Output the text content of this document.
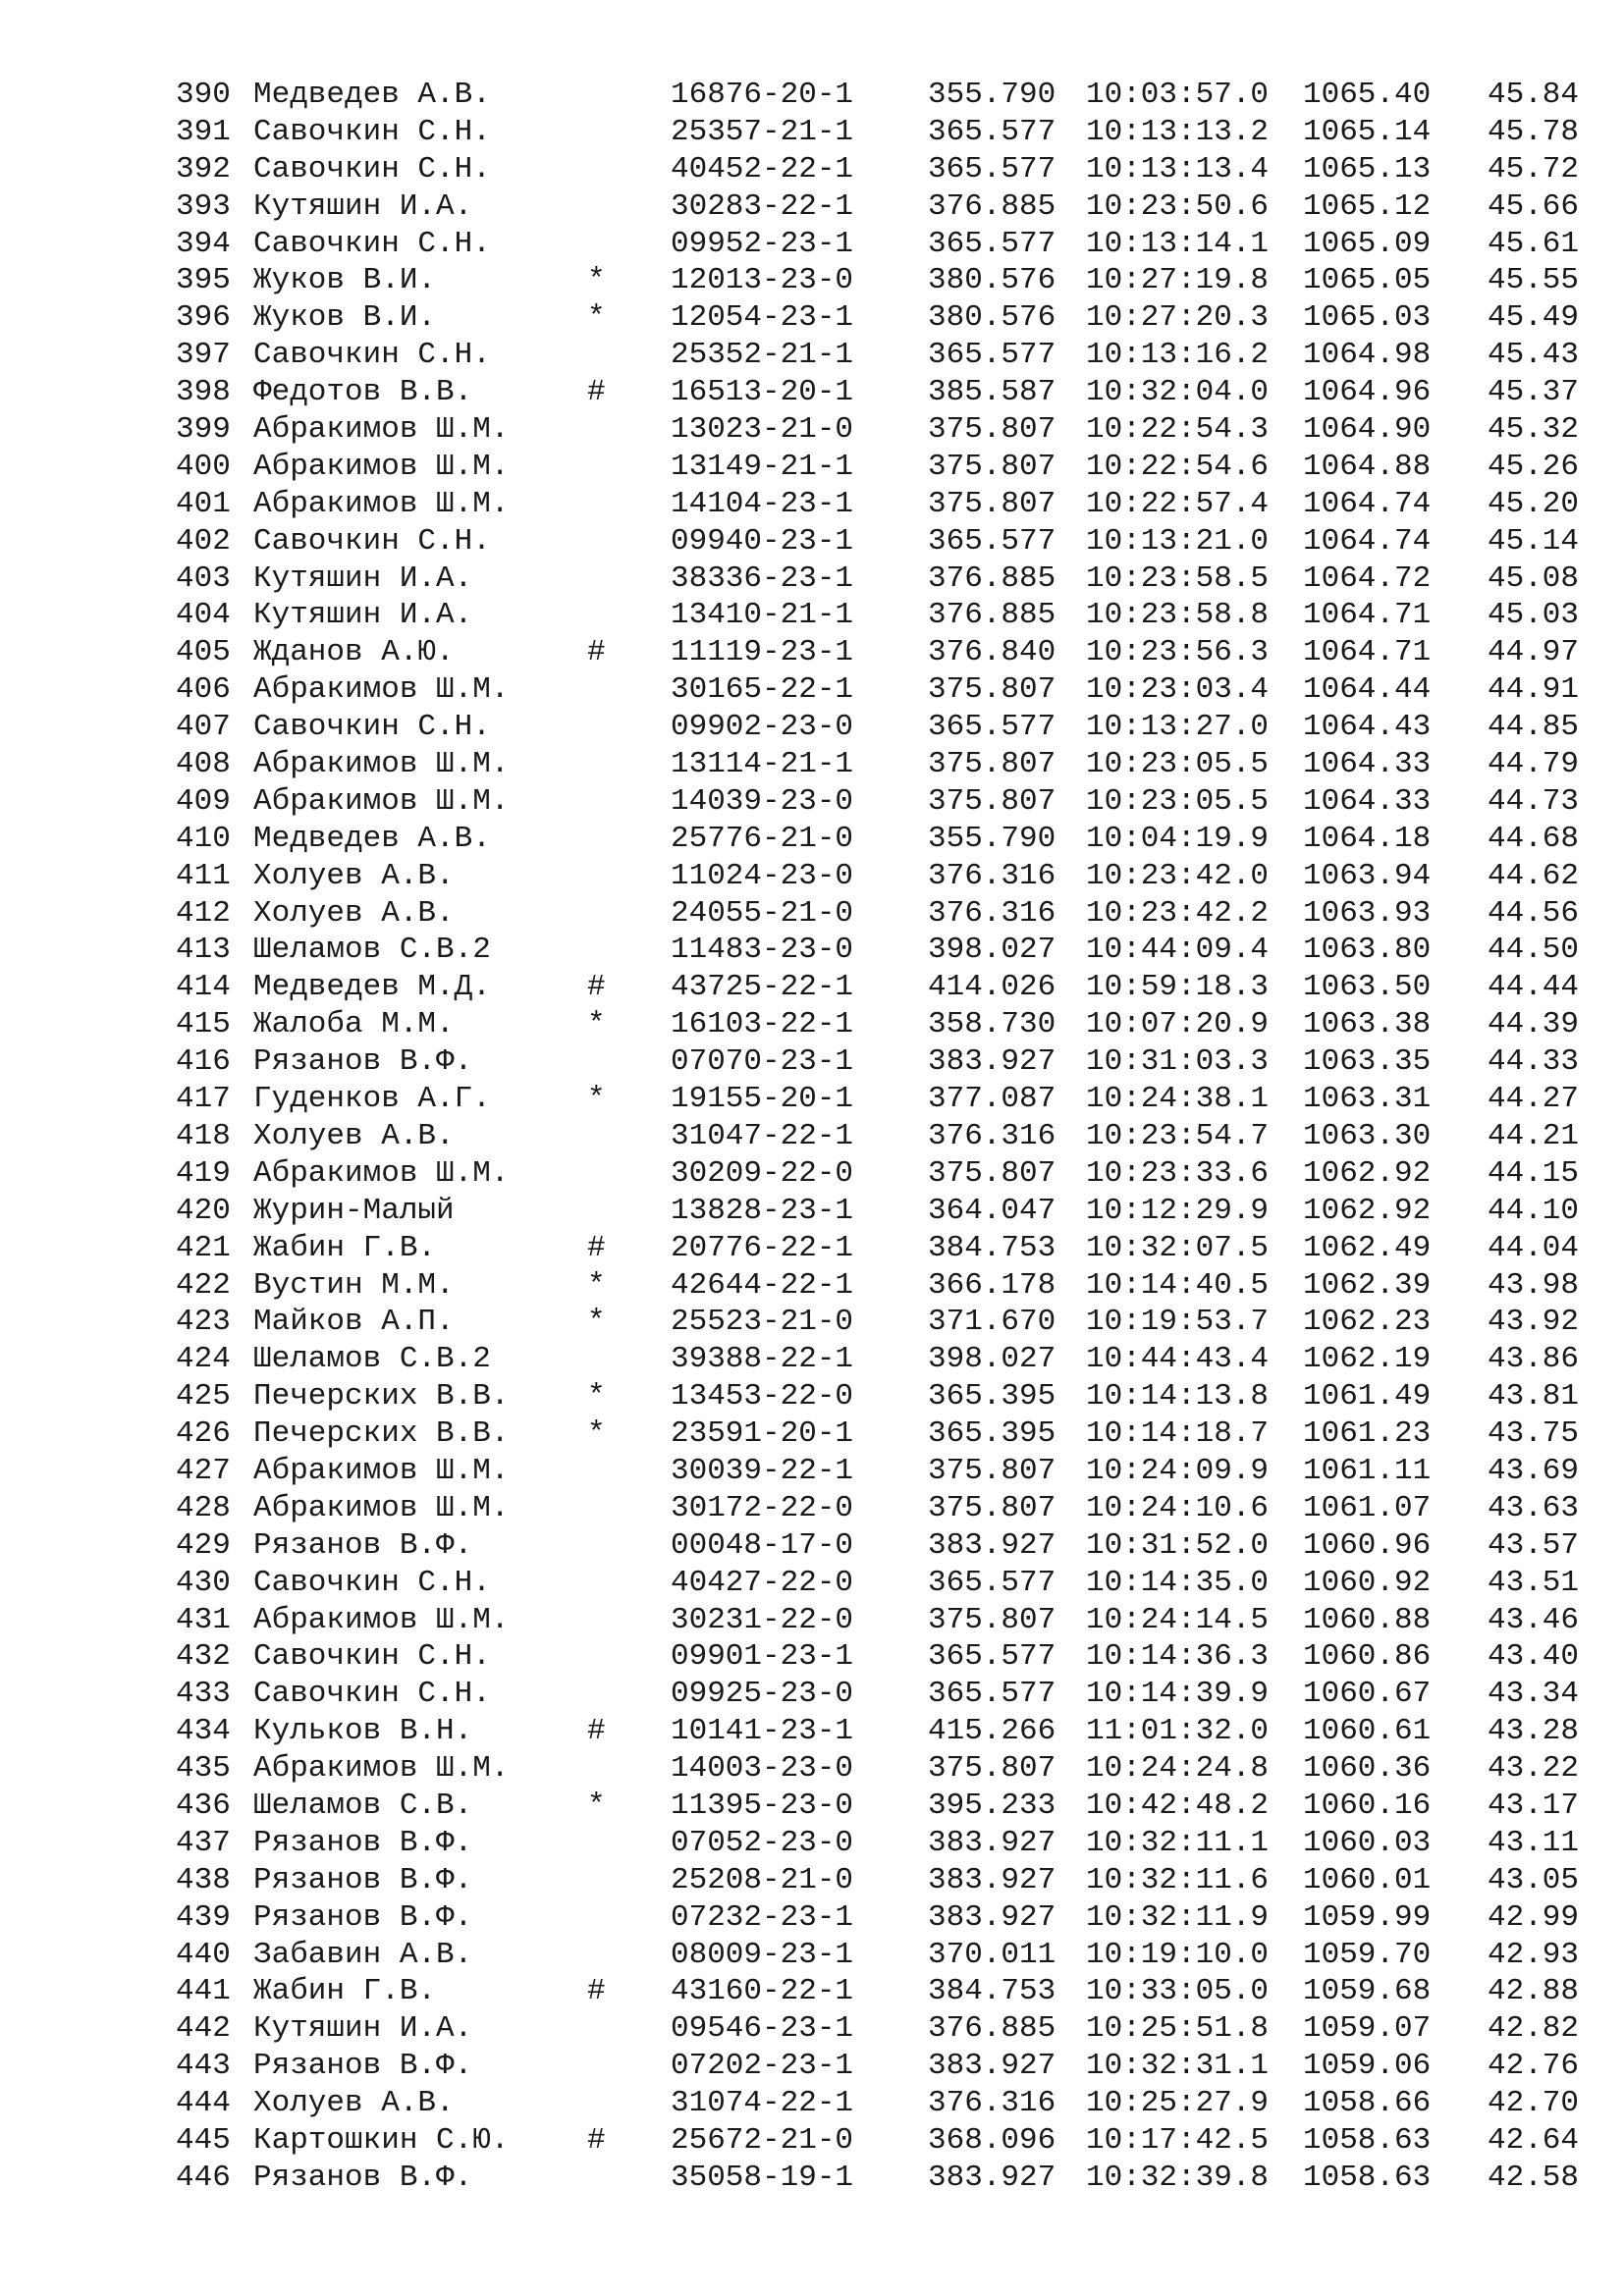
390 Медведев А.В.	16876-20-1 355.790 10:03:57.0 1065.40 45.84
391 Савочкин С.Н.	25357-21-1 365.577 10:13:13.2 1065.14 45.78
392 Савочкин С.Н.	40452-22-1 365.577 10:13:13.4 1065.13 45.72
393 Кутяшин И.А.	30283-22-1 376.885 10:23:50.6 1065.12 45.66
394 Савочкин С.Н.	09952-23-1 365.577 10:13:14.1 1065.09 45.61
395 Жуков В.И.	* 12013-23-0 380.576 10:27:19.8 1065.05 45.55
396 Жуков В.И.	* 12054-23-1 380.576 10:27:20.3 1065.03 45.49
397 Савочкин С.Н.	25352-21-1 365.577 10:13:16.2 1064.98 45.43
398 Федотов В.В.	# 16513-20-1 385.587 10:32:04.0 1064.96 45.37
399 Абракимов Ш.М.	13023-21-0 375.807 10:22:54.3 1064.90 45.32
400 Абракимов Ш.М.	13149-21-1 375.807 10:22:54.6 1064.88 45.26
401 Абракимов Ш.М.	14104-23-1 375.807 10:22:57.4 1064.74 45.20
402 Савочкин С.Н.	09940-23-1 365.577 10:13:21.0 1064.74 45.14
403 Кутяшин И.А.	38336-23-1 376.885 10:23:58.5 1064.72 45.08
404 Кутяшин И.А.	13410-21-1 376.885 10:23:58.8 1064.71 45.03
405 Жданов А.Ю.	# 11119-23-1 376.840 10:23:56.3 1064.71 44.97
406 Абракимов Ш.М.	30165-22-1 375.807 10:23:03.4 1064.44 44.91
407 Савочкин С.Н.	09902-23-0 365.577 10:13:27.0 1064.43 44.85
408 Абракимов Ш.М.	13114-21-1 375.807 10:23:05.5 1064.33 44.79
409 Абракимов Ш.М.	14039-23-0 375.807 10:23:05.5 1064.33 44.73
410 Медведев А.В.	25776-21-0 355.790 10:04:19.9 1064.18 44.68
411 Холуев А.В.	11024-23-0 376.316 10:23:42.0 1063.94 44.62
412 Холуев А.В.	24055-21-0 376.316 10:23:42.2 1063.93 44.56
413 Шеламов С.В.2	11483-23-0 398.027 10:44:09.4 1063.80 44.50
414 Медведев М.Д.	# 43725-22-1 414.026 10:59:18.3 1063.50 44.44
415 Жалоба М.М.	* 16103-22-1 358.730 10:07:20.9 1063.38 44.39
416 Рязанов В.Ф.	07070-23-1 383.927 10:31:03.3 1063.35 44.33
417 Гуденков А.Г.	* 19155-20-1 377.087 10:24:38.1 1063.31 44.27
418 Холуев А.В.	31047-22-1 376.316 10:23:54.7 1063.30 44.21
419 Абракимов Ш.М.	30209-22-0 375.807 10:23:33.6 1062.92 44.15
420 Журин-Малый	13828-23-1 364.047 10:12:29.9 1062.92 44.10
421 Жабин Г.В.	# 20776-22-1 384.753 10:32:07.5 1062.49 44.04
422 Вустин М.М.	* 42644-22-1 366.178 10:14:40.5 1062.39 43.98
423 Майков А.П.	* 25523-21-0 371.670 10:19:53.7 1062.23 43.92
424 Шеламов С.В.2	39388-22-1 398.027 10:44:43.4 1062.19 43.86
425 Печерских В.В.	* 13453-22-0 365.395 10:14:13.8 1061.49 43.81
426 Печерских В.В.	* 23591-20-1 365.395 10:14:18.7 1061.23 43.75
427 Абракимов Ш.М.	30039-22-1 375.807 10:24:09.9 1061.11 43.69
428 Абракимов Ш.М.	30172-22-0 375.807 10:24:10.6 1061.07 43.63
429 Рязанов В.Ф.	00048-17-0 383.927 10:31:52.0 1060.96 43.57
430 Савочкин С.Н.	40427-22-0 365.577 10:14:35.0 1060.92 43.51
431 Абракимов Ш.М.	30231-22-0 375.807 10:24:14.5 1060.88 43.46
432 Савочкин С.Н.	09901-23-1 365.577 10:14:36.3 1060.86 43.40
433 Савочкин С.Н.	09925-23-0 365.577 10:14:39.9 1060.67 43.34
434 Кульков В.Н.	# 10141-23-1 415.266 11:01:32.0 1060.61 43.28
435 Абракимов Ш.М.	14003-23-0 375.807 10:24:24.8 1060.36 43.22
436 Шеламов С.В.	* 11395-23-0 395.233 10:42:48.2 1060.16 43.17
437 Рязанов В.Ф.	07052-23-0 383.927 10:32:11.1 1060.03 43.11
438 Рязанов В.Ф.	25208-21-0 383.927 10:32:11.6 1060.01 43.05
439 Рязанов В.Ф.	07232-23-1 383.927 10:32:11.9 1059.99 42.99
440 Забавин А.В.	08009-23-1 370.011 10:19:10.0 1059.70 42.93
441 Жабин Г.В.	# 43160-22-1 384.753 10:33:05.0 1059.68 42.88
442 Кутяшин И.А.	09546-23-1 376.885 10:25:51.8 1059.07 42.82
443 Рязанов В.Ф.	07202-23-1 383.927 10:32:31.1 1059.06 42.76
444 Холуев А.В.	31074-22-1 376.316 10:25:27.9 1058.66 42.70
445 Картошкин С.Ю.	# 25672-21-0 368.096 10:17:42.5 1058.63 42.64
446 Рязанов В.Ф.	35058-19-1 383.927 10:32:39.8 1058.63 42.58
